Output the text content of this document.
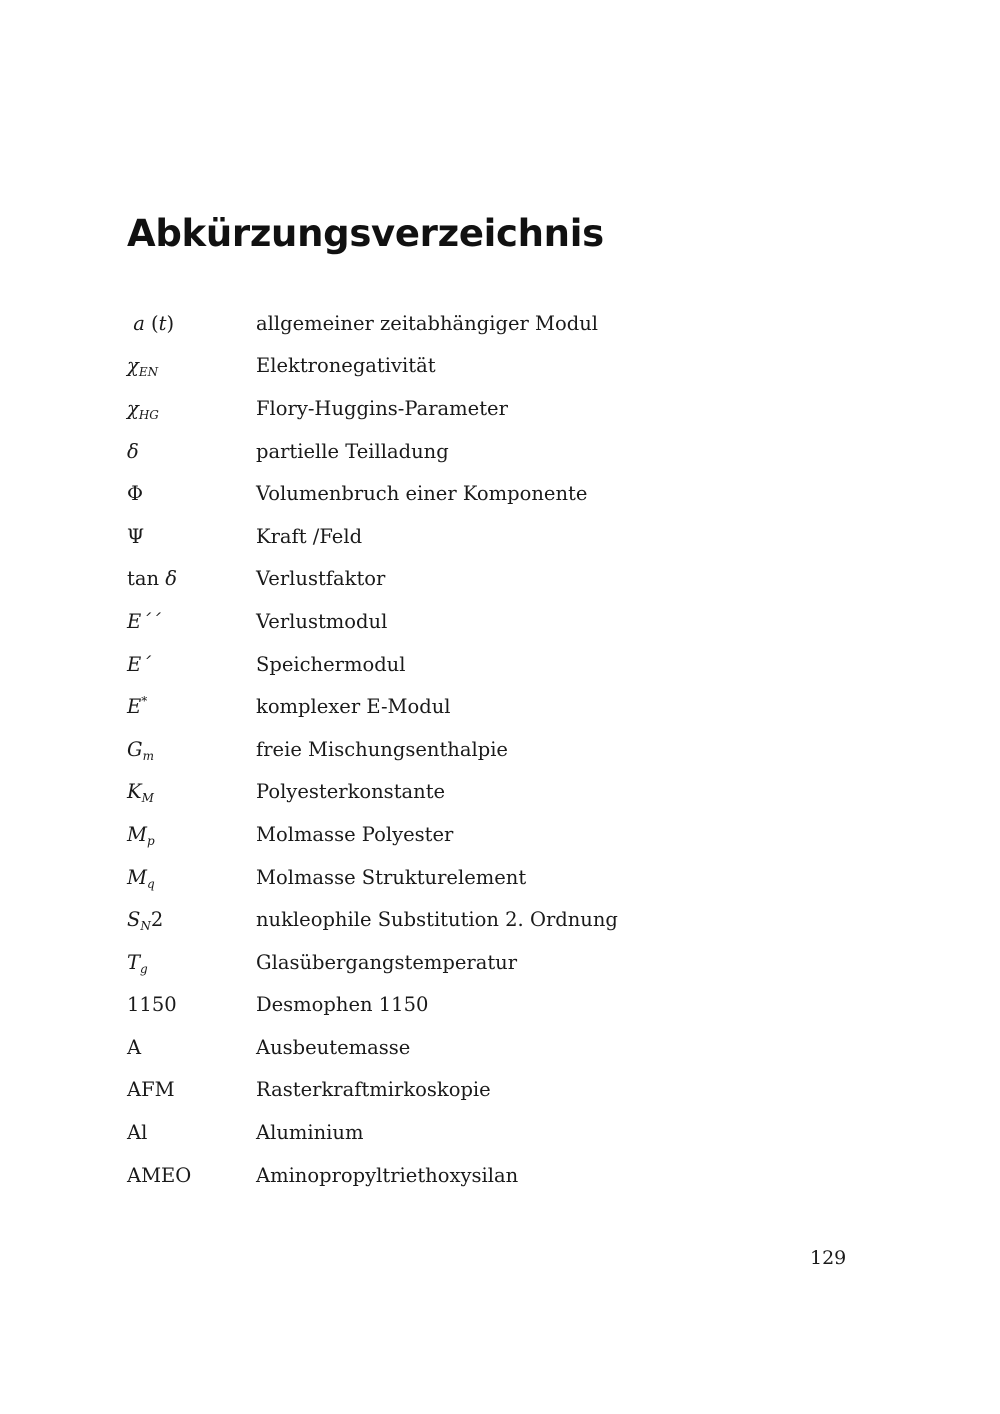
Abkürzungsverzeichnis
a (t)	allgemeiner zeitabhängiger Modul
$\chi_{EN}$	Elektronegativität
$\chi_{HG}$	Flory-Huggins-Parameter
δ	partielle Teilladung
Φ	Volumenbruch einer Komponente
Ψ	Kraft /Feld
tan δ	Verlustfaktor
E´´	Verlustmodul
E´	Speichermodul
E*	komplexer E-Modul
$G_m$	freie Mischungsenthalpie
$K_M$	Polyesterkonstante
$M_p$	Molmasse Polyester
$M_q$	Molmasse Strukturelement
$S_N2$	nukleophile Substitution 2. Ordnung
$T_g$	Glasübergangstemperatur
1150	Desmophen 1150
A	Ausbeutemasse
AFM	Rasterkraftmirkoskopie
Al	Aluminium
AMEO	Aminopropyltriethoxysilan
129
